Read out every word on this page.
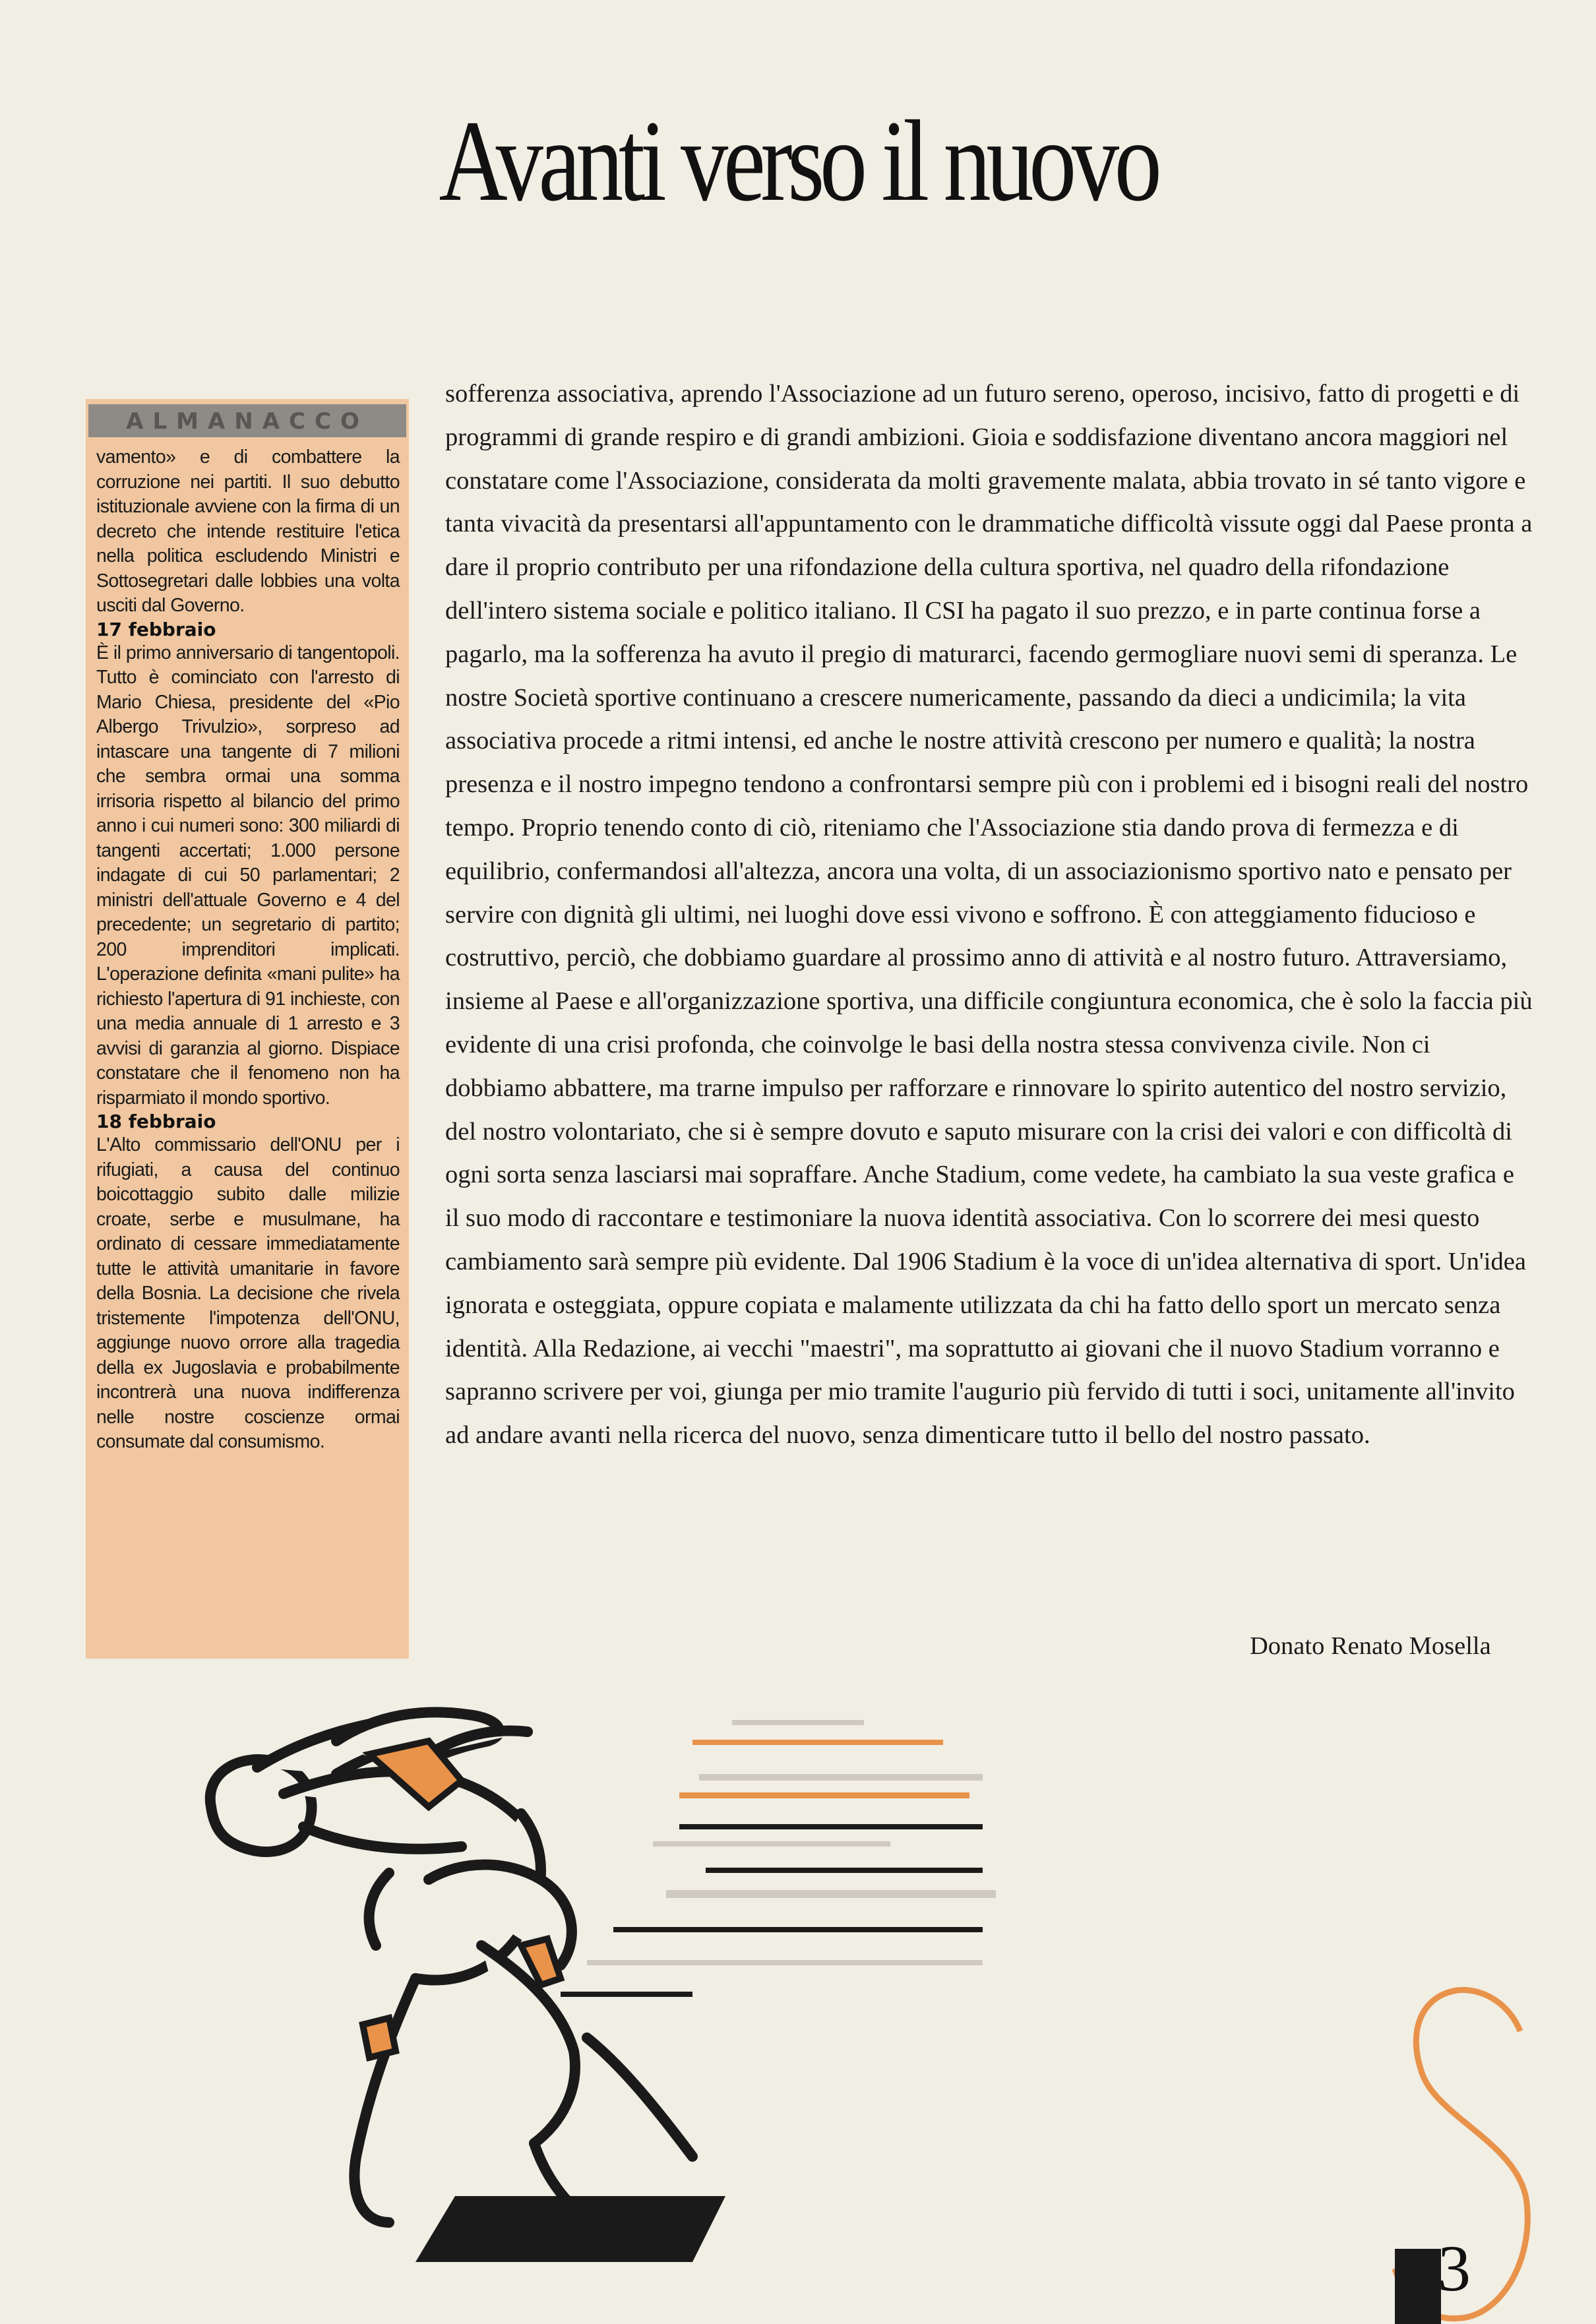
Avanti verso il nuovo
ALMANACCO

vamento» e di combattere la corruzione nei partiti. Il suo debutto istituzionale avviene con la firma di un decreto che intende restituire l'etica nella politica escludendo Ministri e Sottosegretari dalle lobbies una volta usciti dal Governo.

17 febbraio

È il primo anniversario di tangentopoli. Tutto è cominciato con l'arresto di Mario Chiesa, presidente del «Pio Albergo Trivulzio», sorpreso ad intascare una tangente di 7 milioni che sembra ormai una somma irrisoria rispetto al bilancio del primo anno i cui numeri sono: 300 miliardi di tangenti accertati; 1.000 persone indagate di cui 50 parlamentari; 2 ministri dell'attuale Governo e 4 del precedente; un segretario di partito; 200 imprenditori implicati. L'operazione definita «mani pulite» ha richiesto l'apertura di 91 inchieste, con una media annuale di 1 arresto e 3 avvisi di garanzia al giorno. Dispiace constatare che il fenomeno non ha risparmiato il mondo sportivo.

18 febbraio

L'Alto commissario dell'ONU per i rifugiati, a causa del continuo boicottaggio subito dalle milizie croate, serbe e musulmane, ha ordinato di cessare immediatamente tutte le attività umanitarie in favore della Bosnia. La decisione che rivela tristemente l'impotenza dell'ONU, aggiunge nuovo orrore alla tragedia della ex Jugoslavia e probabilmente incontrerà una nuova indifferenza nelle nostre coscienze ormai consumate dal consumismo.

sofferenza associativa, aprendo l'Associazione ad un futuro sereno, operoso, incisivo, fatto di progetti e di programmi di grande respiro e di grandi ambizioni. Gioia e soddisfazione diventano ancora maggiori nel constatare come l'Associazione, considerata da molti gravemente malata, abbia trovato in sé tanto vigore e tanta vivacità da presentarsi all'appuntamento con le drammatiche difficoltà vissute oggi dal Paese pronta a dare il proprio contributo per una rifondazione della cultura sportiva, nel quadro della rifondazione dell'intero sistema sociale e politico italiano. Il CSI ha pagato il suo prezzo, e in parte continua forse a pagarlo, ma la sofferenza ha avuto il pregio di maturarci, facendo germogliare nuovi semi di speranza. Le nostre Società sportive continuano a crescere numericamente, passando da dieci a undicimila; la vita associativa procede a ritmi intensi, ed anche le nostre attività crescono per numero e qualità; la nostra presenza e il nostro impegno tendono a confrontarsi sempre più con i problemi ed i bisogni reali del nostro tempo. Proprio tenendo conto di ciò, riteniamo che l'Associazione stia dando prova di fermezza e di equilibrio, confermandosi all'altezza, ancora una volta, di un associazionismo sportivo nato e pensato per servire con dignità gli ultimi, nei luoghi dove essi vivono e soffrono. È con atteggiamento fiducioso e costruttivo, perciò, che dobbiamo guardare al prossimo anno di attività e al nostro futuro. Attraversiamo, insieme al Paese e all'organizzazione sportiva, una difficile congiuntura economica, che è solo la faccia più evidente di una crisi profonda, che coinvolge le basi della nostra stessa convivenza civile. Non ci dobbiamo abbattere, ma trarne impulso per rafforzare e rinnovare lo spirito autentico del nostro servizio, del nostro volontariato, che si è sempre dovuto e saputo misurare con la crisi dei valori e con difficoltà di ogni sorta senza lasciarsi mai sopraffare. Anche Stadium, come vedete, ha cambiato la sua veste grafica e il suo modo di raccontare e testimoniare la nuova identità associativa. Con lo scorrere dei mesi questo cambiamento sarà sempre più evidente. Dal 1906 Stadium è la voce di un'idea alternativa di sport. Un'idea ignorata e osteggiata, oppure copiata e malamente utilizzata da chi ha fatto dello sport un mercato senza identità. Alla Redazione, ai vecchi "maestri", ma soprattutto ai giovani che il nuovo Stadium vorranno e sapranno scrivere per voi, giunga per mio tramite l'augurio più fervido di tutti i soci, unitamente all'invito ad andare avanti nella ricerca del nuovo, senza dimenticare tutto il bello del nostro passato.

Donato Renato Mosella
3
